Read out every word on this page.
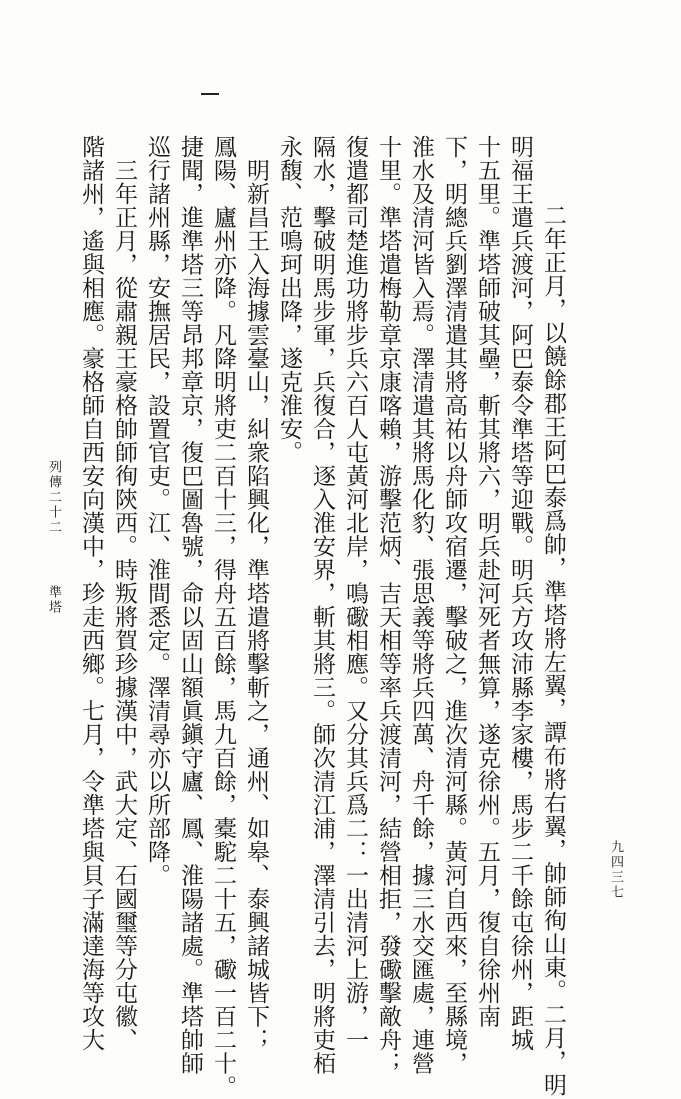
　二年正月，以饒餘郡王阿巴泰爲帥，準塔將左翼，譚布將右翼，帥師徇山東。二月，明
明福王遣兵渡河，阿巴泰令準塔等迎戰。明兵方攻沛縣李家樓，馬步二千餘屯徐州，距城
十五里。準塔師破其壘，斬其將六，明兵赴河死者無算，遂克徐州。五月，復自徐州南
下，明總兵劉澤清遣其將高祐以舟師攻宿遷，擊破之，進次清河縣。黃河自西來，至縣境，
淮水及清河皆入焉。澤清遣其將馬化豹、張思義等將兵四萬、舟千餘，據三水交匯處，連營
十里。準塔遣梅勒章京康喀賴，游擊范炳、吉天相等率兵渡清河，結營相拒，發礮擊敵舟；
復遣都司楚進功將步兵六百人屯黃河北岸，鳴礮相應。又分其兵爲二：一出清河上游，一
隔水，擊破明馬步軍，兵復合，逐入淮安界，斬其將三。師次清江浦，澤清引去，明將吏栢
永馥、范鳴珂出降，遂克淮安。
　明新昌王入海據雲臺山，糾衆陷興化，準塔遣將擊斬之，通州、如皋、泰興諸城皆下；
鳳陽、廬州亦降。凡降明將吏二百十三，得舟五百餘，馬九百餘，橐駝二十五，礮一百二十。
捷聞，進準塔三等昂邦章京，復巴圖魯號，命以固山額眞鎭守廬、鳳、淮陽諸處。準塔帥師
巡行諸州縣，安撫居民，設置官吏。江、淮間悉定。澤清尋亦以所部降。
　三年正月，從肅親王豪格帥師徇陝西。時叛將賀珍據漢中，武大定、石國璽等分屯徽、
階諸州，遙與相應。豪格師自西安向漢中，珍走西鄉。七月，令準塔與貝子滿達海等攻大
列傳二十二
準塔
九四三七
